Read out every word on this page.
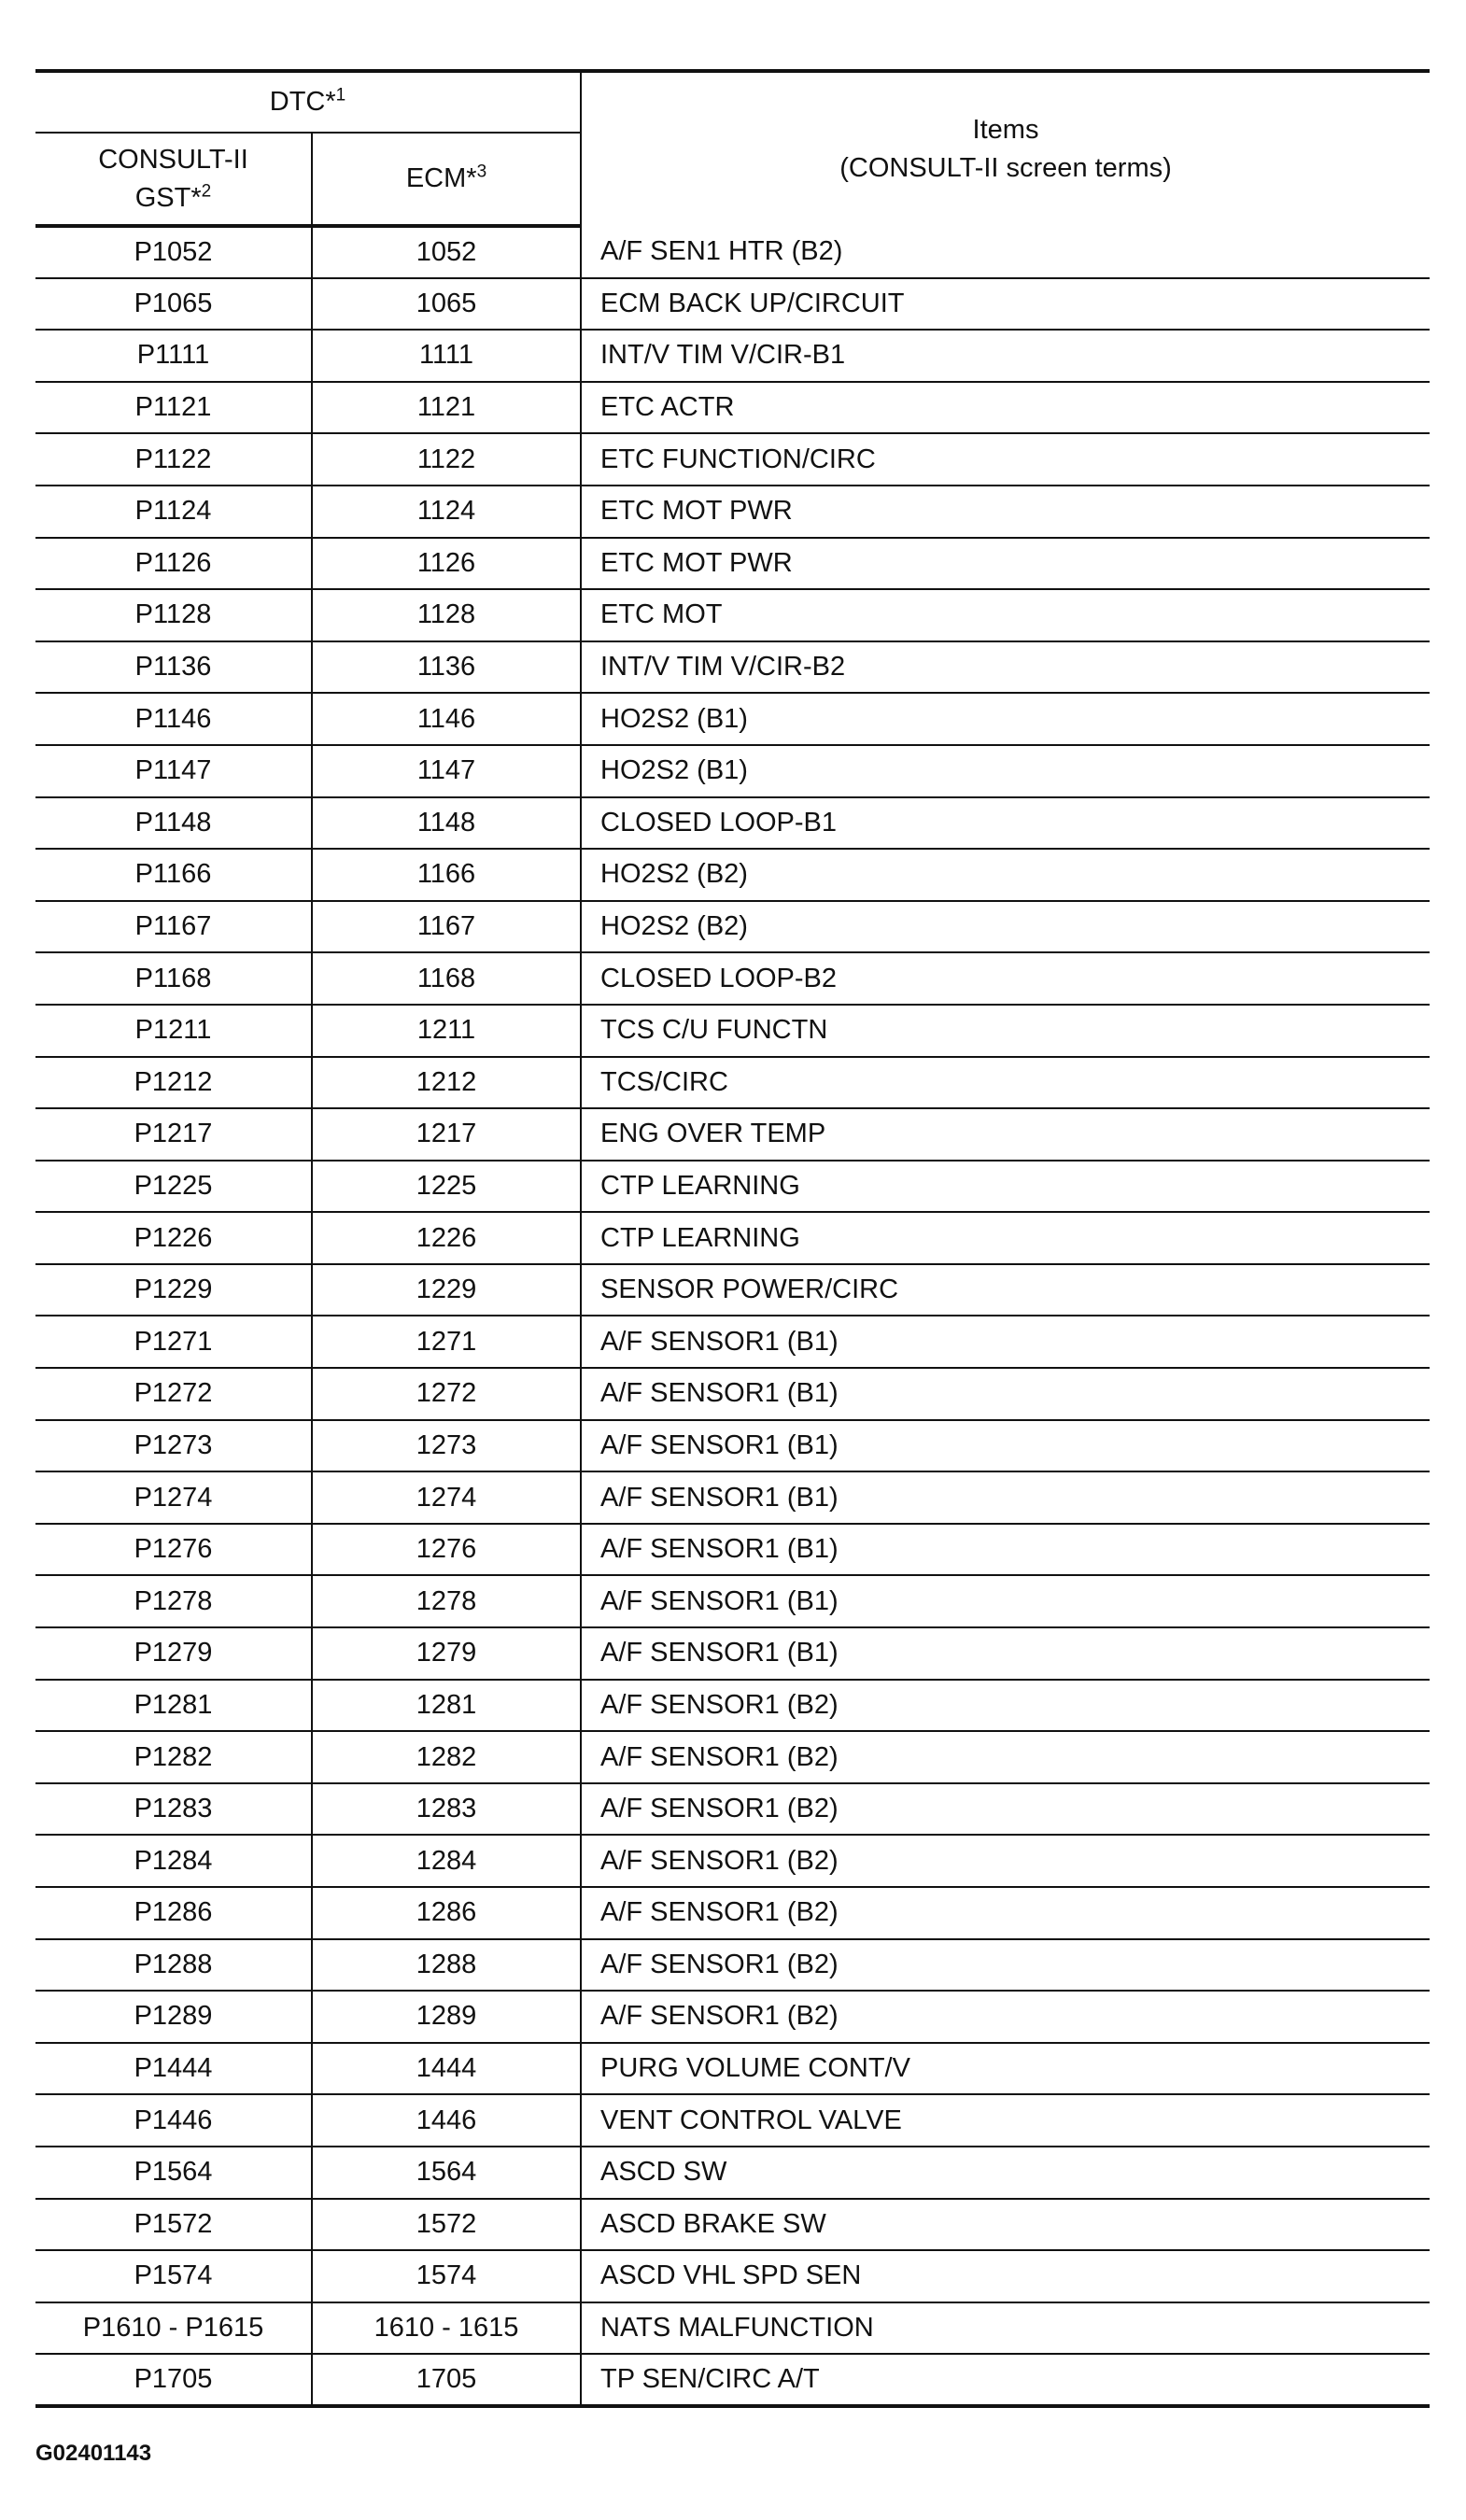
DTC*$^1$		Items
(CONSULT-II screen terms)
CONSULT-II
GST*$^2$	ECM*$^3$
P1052	1052	A/F SEN1 HTR (B2)
P1065	1065	ECM BACK UP/CIRCUIT
P1111	1111	INT/V TIM V/CIR-B1
P1121	1121	ETC ACTR
P1122	1122	ETC FUNCTION/CIRC
P1124	1124	ETC MOT PWR
P1126	1126	ETC MOT PWR
P1128	1128	ETC MOT
P1136	1136	INT/V TIM V/CIR-B2
P1146	1146	HO2S2 (B1)
P1147	1147	HO2S2 (B1)
P1148	1148	CLOSED LOOP-B1
P1166	1166	HO2S2 (B2)
P1167	1167	HO2S2 (B2)
P1168	1168	CLOSED LOOP-B2
P1211	1211	TCS C/U FUNCTN
P1212	1212	TCS/CIRC
P1217	1217	ENG OVER TEMP
P1225	1225	CTP LEARNING
P1226	1226	CTP LEARNING
P1229	1229	SENSOR POWER/CIRC
P1271	1271	A/F SENSOR1 (B1)
P1272	1272	A/F SENSOR1 (B1)
P1273	1273	A/F SENSOR1 (B1)
P1274	1274	A/F SENSOR1 (B1)
P1276	1276	A/F SENSOR1 (B1)
P1278	1278	A/F SENSOR1 (B1)
P1279	1279	A/F SENSOR1 (B1)
P1281	1281	A/F SENSOR1 (B2)
P1282	1282	A/F SENSOR1 (B2)
P1283	1283	A/F SENSOR1 (B2)
P1284	1284	A/F SENSOR1 (B2)
P1286	1286	A/F SENSOR1 (B2)
P1288	1288	A/F SENSOR1 (B2)
P1289	1289	A/F SENSOR1 (B2)
P1444	1444	PURG VOLUME CONT/V
P1446	1446	VENT CONTROL VALVE
P1564	1564	ASCD SW
P1572	1572	ASCD BRAKE SW
P1574	1574	ASCD VHL SPD SEN
P1610 - P1615	1610 - 1615	NATS MALFUNCTION
P1705	1705	TP SEN/CIRC A/T
G02401143
